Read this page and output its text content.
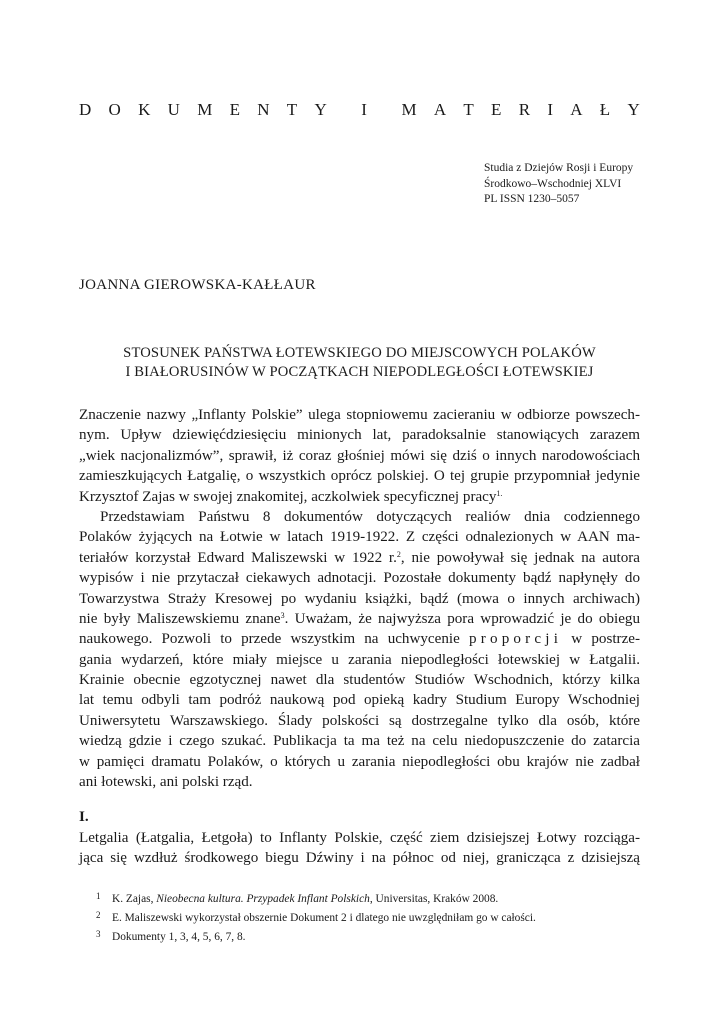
D O K U M E N T Y I M A T E R I A Ł Y
Studia z Dziejów Rosji i Europy
Środkowo–Wschodniej XLVI
PL ISSN 1230–5057
JOANNA GIEROWSKA-KAŁŁAUR
STOSUNEK PAŃSTWA ŁOTEWSKIEGO DO MIEJSCOWYCH POLAKÓW
I BIAŁORUSINÓW W POCZĄTKACH NIEPODLEGŁOŚCI ŁOTEWSKIEJ
Znaczenie nazwy „Inflanty Polskie” ulega stopniowemu zacieraniu w odbiorze powszech-
nym. Upływ dziewięćdziesięciu minionych lat, paradoksalnie stanowiących zarazem
„wiek nacjonalizmów”, sprawił, iż coraz głośniej mówi się dziś o innych narodowościach
zamieszkujących Łatgalię, o wszystkich oprócz polskiej. O tej grupie przypomniał jedynie
Krzysztof Zajas w swojej znakomitej, aczkolwiek specyficznej pracy$^{1.}$
Przedstawiam Państwu 8 dokumentów dotyczących realiów dnia codziennego
Polaków żyjących na Łotwie w latach 1919-1922. Z części odnalezionych w AAN ma-
teriałów korzystał Edward Maliszewski w 1922 r.$^2$, nie powoływał się jednak na autora
wypisów i nie przytaczał ciekawych adnotacji. Pozostałe dokumenty bądź napłynęły do
Towarzystwa Straży Kresowej po wydaniu książki, bądź (mowa o innych archiwach)
nie były Maliszewskiemu znane$^3$. Uważam, że najwyższa pora wprowadzić je do obiegu
naukowego. Pozwoli to przede wszystkim na uchwycenie proporcji w postrze-
gania wydarzeń, które miały miejsce u zarania niepodległości łotewskiej w Łatgalii.
Krainie obecnie egzotycznej nawet dla studentów Studiów Wschodnich, którzy kilka
lat temu odbyli tam podróż naukową pod opieką kadry Studium Europy Wschodniej
Uniwersytetu Warszawskiego. Ślady polskości są dostrzegalne tylko dla osób, które
wiedzą gdzie i czego szukać. Publikacja ta ma też na celu niedopuszczenie do zatarcia
w pamięci dramatu Polaków, o których u zarania niepodległości obu krajów nie zadbał
ani łotewski, ani polski rząd.
I.
Letgalia (Łatgalia, Łetgoła) to Inflanty Polskie, część ziem dzisiejszej Łotwy rozciąga-
jąca się wzdłuż środkowego biegu Dźwiny i na północ od niej, granicząca z dzisiejszą
1 K. Zajas, Nieobecna kultura. Przypadek Inflant Polskich, Universitas, Kraków 2008.
2 E. Maliszewski wykorzystał obszernie Dokument 2 i dlatego nie uwzględniłam go w całości.
3 Dokumenty 1, 3, 4, 5, 6, 7, 8.
